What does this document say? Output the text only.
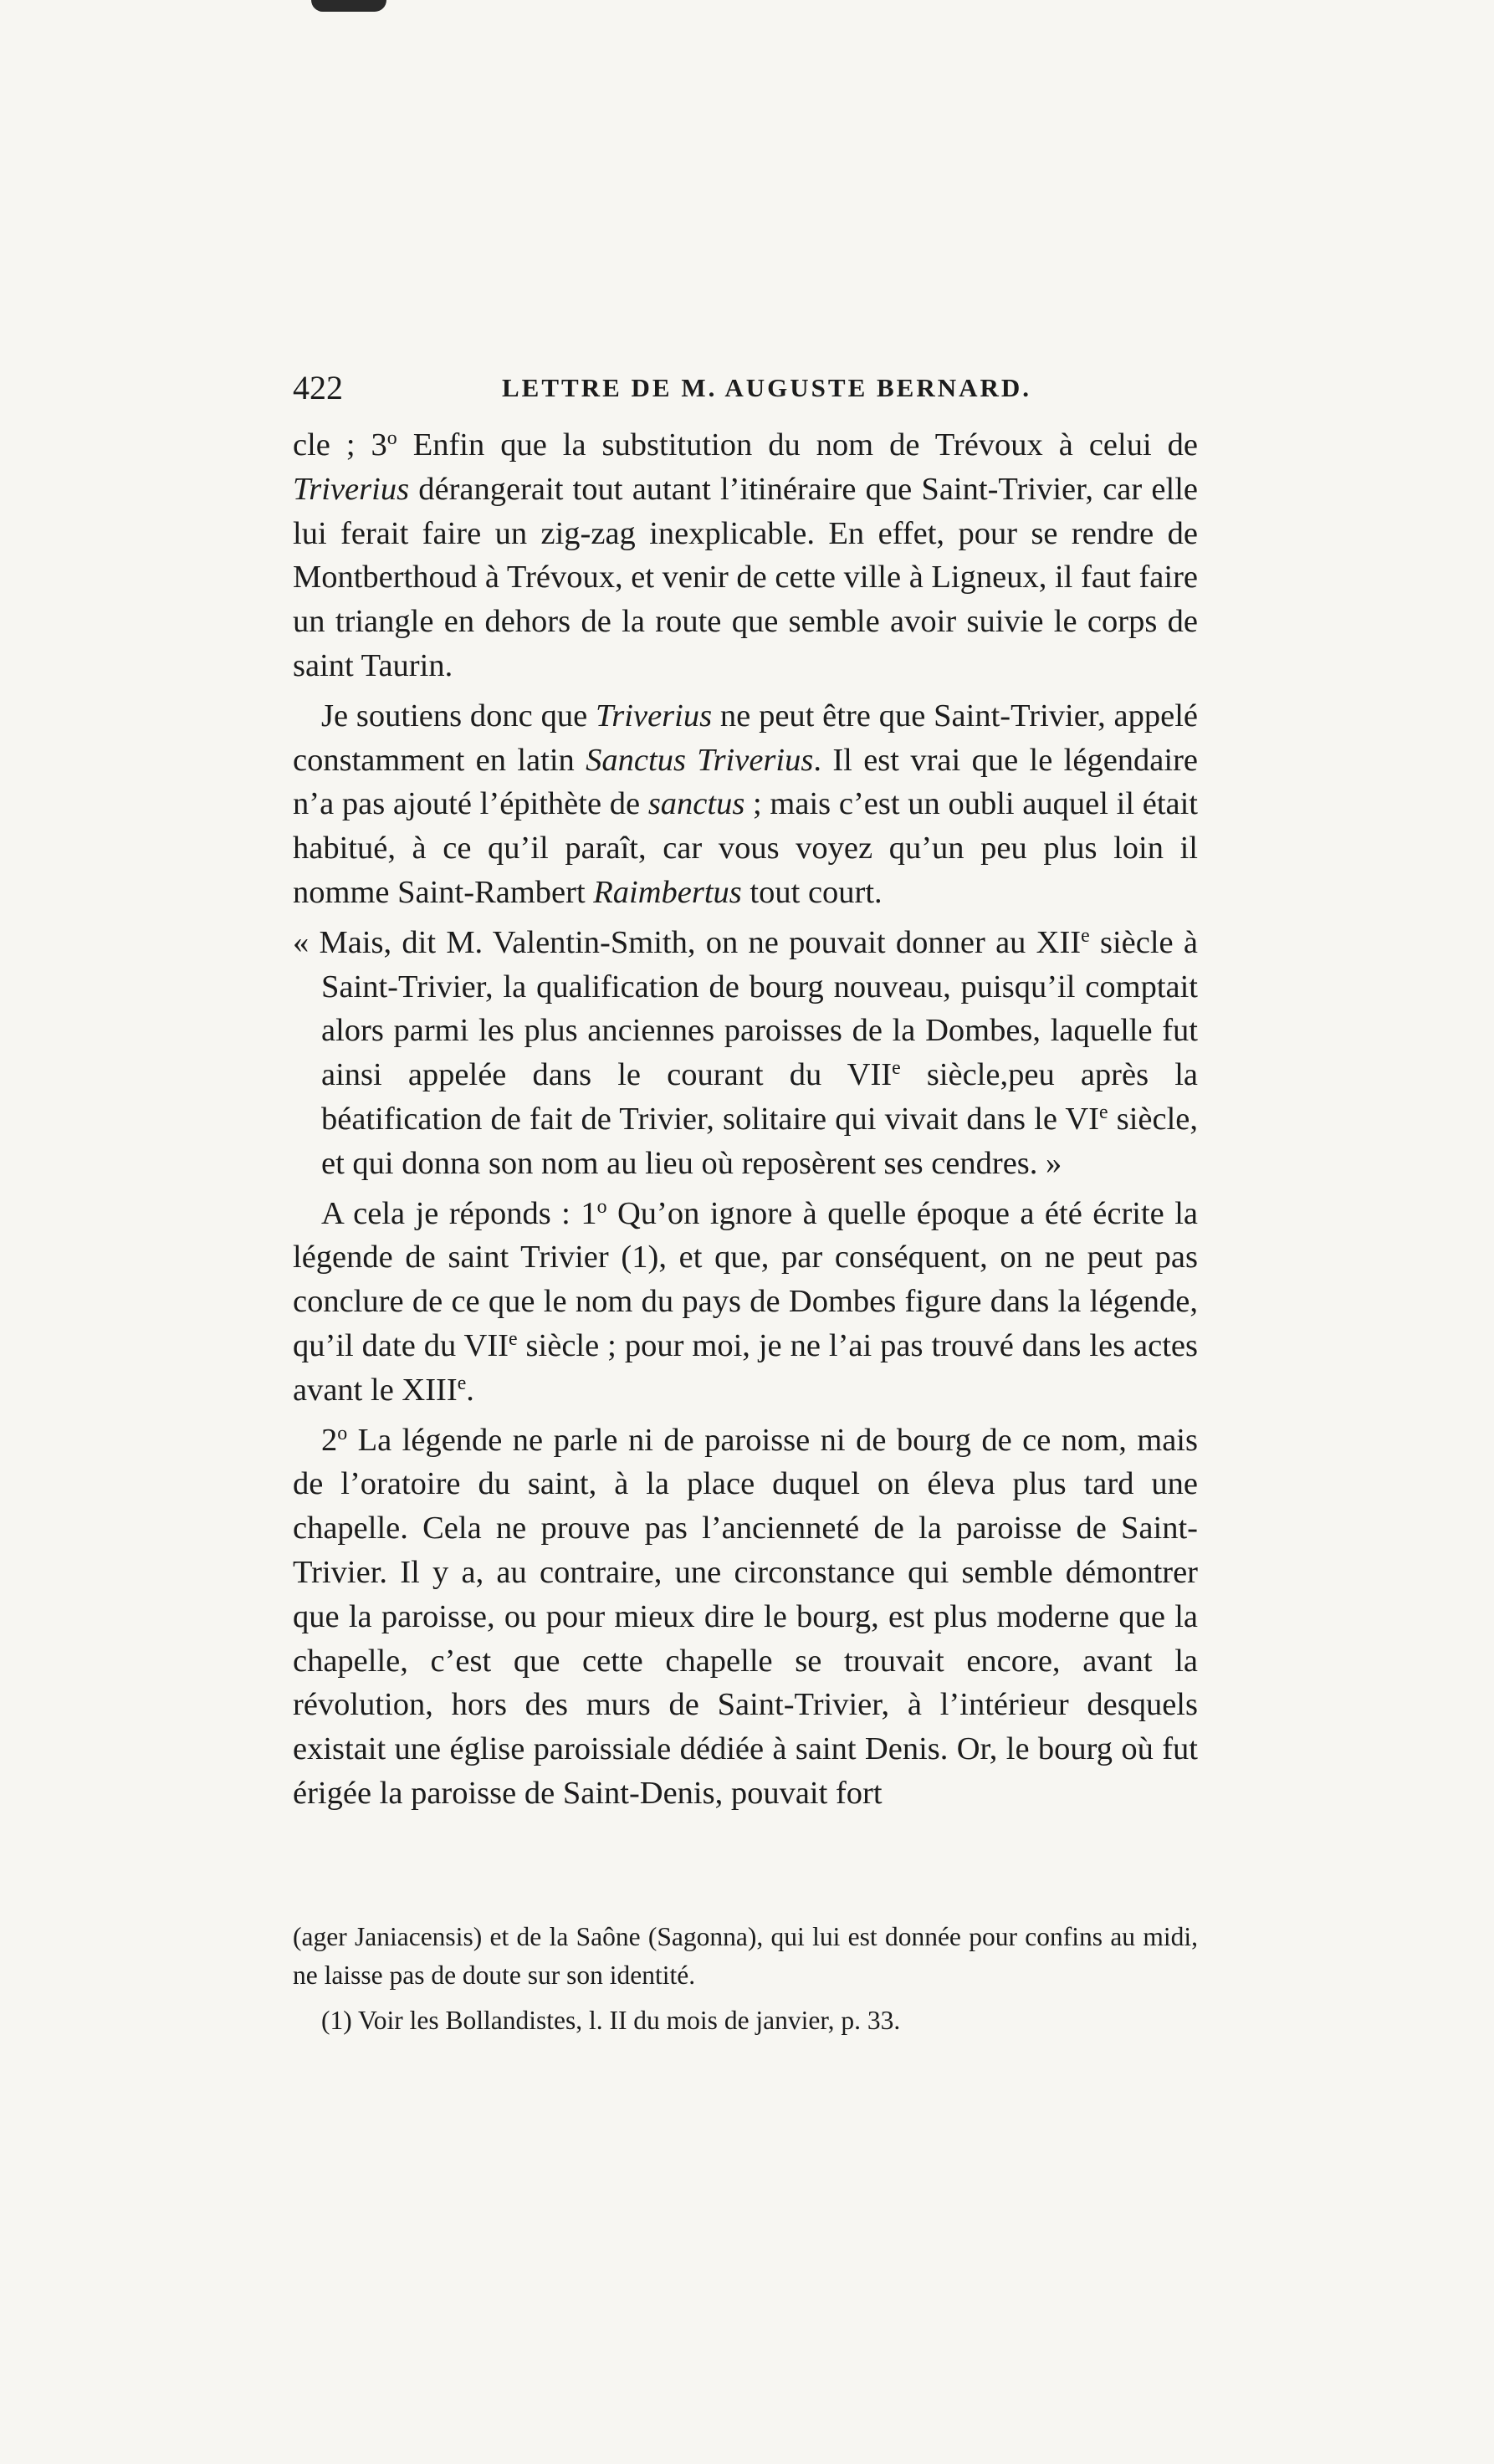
422	LETTRE DE M. AUGUSTE BERNARD.

cle ; 3$^o$ Enfin que la substitution du nom de Trévoux à celui de Triverius dérangerait tout autant l’itinéraire que Saint-Trivier, car elle lui ferait faire un zig-zag inexplicable. En effet, pour se rendre de Montberthoud à Trévoux, et venir de cette ville à Ligneux, il faut faire un triangle en dehors de la route que semble avoir suivie le corps de saint Taurin.

Je soutiens donc que Triverius ne peut être que Saint-Trivier, appelé constamment en latin Sanctus Triverius. Il est vrai que le légendaire n’a pas ajouté l’épithète de sanctus ; mais c’est un oubli auquel il était habitué, à ce qu’il paraît, car vous voyez qu’un peu plus loin il nomme Saint-Rambert Raimbertus tout court.

« Mais, dit M. Valentin-Smith, on ne pouvait donner au XIIe siècle à Saint-Trivier, la qualification de bourg nouveau, puisqu’il comptait alors parmi les plus anciennes paroisses de la Dombes, laquelle fut ainsi appelée dans le courant du VIIe siècle,peu après la béatification de fait de Trivier, solitaire qui vivait dans le VIe siècle, et qui donna son nom au lieu où reposèrent ses cendres. »

A cela je réponds : 1$^o$ Qu’on ignore à quelle époque a été écrite la légende de saint Trivier (1), et que, par conséquent, on ne peut pas conclure de ce que le nom du pays de Dombes figure dans la légende, qu’il date du VIIe siècle ; pour moi, je ne l’ai pas trouvé dans les actes avant le XIIIe.

2$^o$ La légende ne parle ni de paroisse ni de bourg de ce nom, mais de l’oratoire du saint, à la place duquel on éleva plus tard une chapelle. Cela ne prouve pas l’ancienneté de la paroisse de Saint-Trivier. Il y a, au contraire, une circonstance qui semble démontrer que la paroisse, ou pour mieux dire le bourg, est plus moderne que la chapelle, c’est que cette chapelle se trouvait encore, avant la révolution, hors des murs de Saint-Trivier, à l’intérieur desquels existait une église paroissiale dédiée à saint Denis. Or, le bourg où fut érigée la paroisse de Saint-Denis, pouvait fort

(ager Janiacensis) et de la Saône (Sagonna), qui lui est donnée pour confins au midi, ne laisse pas de doute sur son identité.

(1) Voir les Bollandistes, l. II du mois de janvier, p. 33.
